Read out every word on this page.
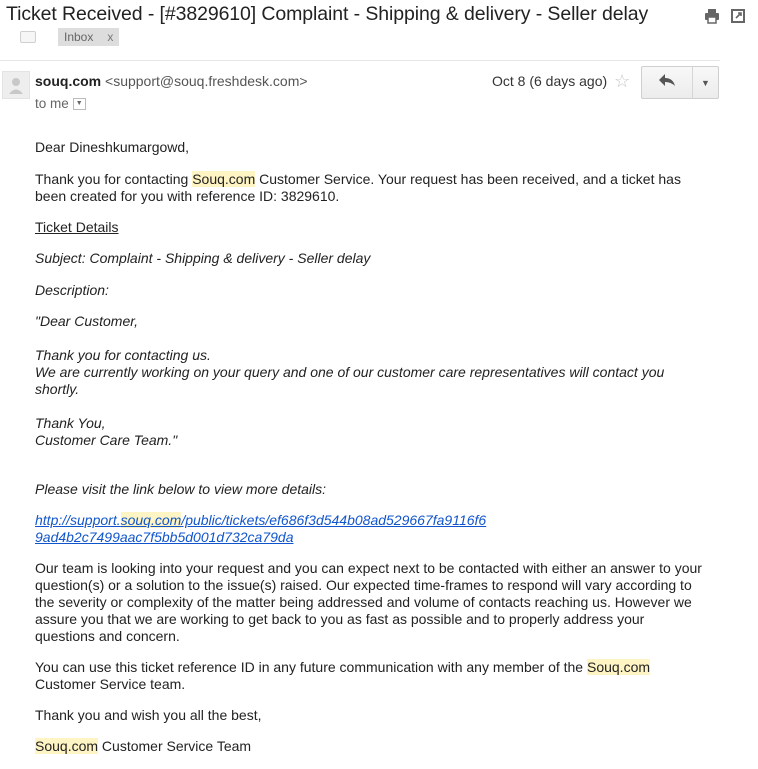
Ticket Received - [#3829610] Complaint - Shipping & delivery - Seller delay
Inbox x
souq.com <support@souq.freshdesk.com>
to me	▼
Oct 8 (6 days ago) ☆	▼

Dear Dineshkumargowd,

Thank you for contacting Souq.com Customer Service. Your request has been received, and a ticket has been created for you with reference ID: 3829610.

Ticket Details

Subject: Complaint - Shipping & delivery - Seller delay

Description:

"Dear Customer,

Thank you for contacting us.

We are currently working on your query and one of our customer care representatives will contact you shortly.

Thank You,

Customer Care Team."

Please visit the link below to view more details:

http://support.souq.com/public/tickets/ef686f3d544b08ad529667fa9116f6
9ad4b2c7499aac7f5bb5d001d732ca79da

Our team is looking into your request and you can expect next to be contacted with either an answer to your question(s) or a solution to the issue(s) raised. Our expected time-frames to respond will vary according to the severity or complexity of the matter being addressed and volume of contacts reaching us. However we assure you that we are working to get back to you as fast as possible and to properly address your questions and concern.

You can use this ticket reference ID in any future communication with any member of the Souq.com
Customer Service team.

Thank you and wish you all the best,

Souq.com Customer Service Team
